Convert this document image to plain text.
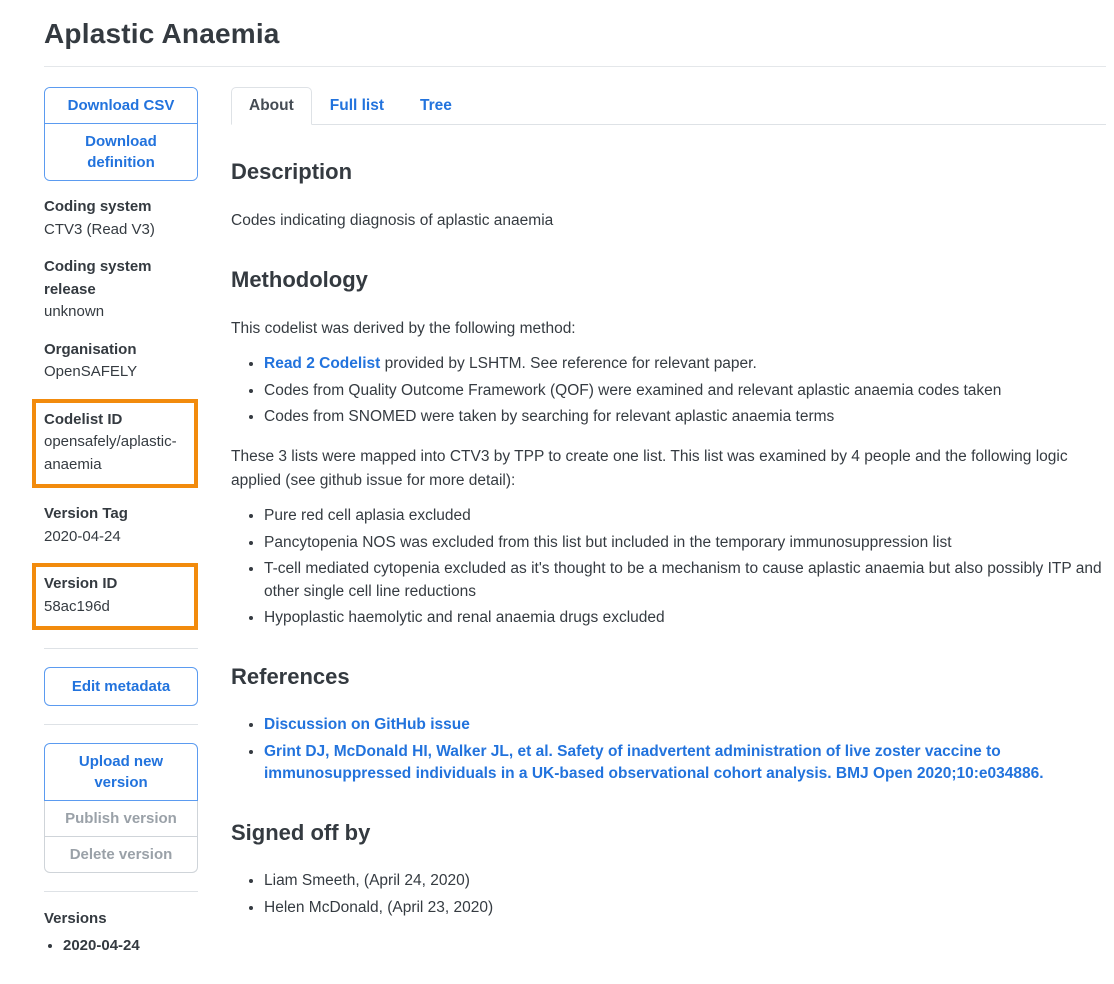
Aplastic Anaemia
Download CSV
Download definition
Coding system
CTV3 (Read V3)
Coding system release
unknown
Organisation
OpenSAFELY
Codelist ID
opensafely/aplastic-anaemia
Version Tag
2020-04-24
Version ID
58ac196d
Edit metadata
Upload new version
Publish version
Delete version
Versions
• 2020-04-24
About	Full list	Tree
Description

Codes indicating diagnosis of aplastic anaemia

Methodology

This codelist was derived by the following method:

• Read 2 Codelist provided by LSHTM. See reference for relevant paper.
• Codes from Quality Outcome Framework (QOF) were examined and relevant aplastic anaemia codes taken
• Codes from SNOMED were taken by searching for relevant aplastic anaemia terms

These 3 lists were mapped into CTV3 by TPP to create one list. This list was examined by 4 people and the following logic applied (see github issue for more detail):

• Pure red cell aplasia excluded
• Pancytopenia NOS was excluded from this list but included in the temporary immunosuppression list
• T-cell mediated cytopenia excluded as it's thought to be a mechanism to cause aplastic anaemia but also possibly ITP and other single cell line reductions
• Hypoplastic haemolytic and renal anaemia drugs excluded
References
• Discussion on GitHub issue
• Grint DJ, McDonald HI, Walker JL, et al. Safety of inadvertent administration of live zoster vaccine to immunosuppressed individuals in a UK-based observational cohort analysis. BMJ Open 2020;10:e034886.
Signed off by
• Liam Smeeth, (April 24, 2020)
• Helen McDonald, (April 23, 2020)
